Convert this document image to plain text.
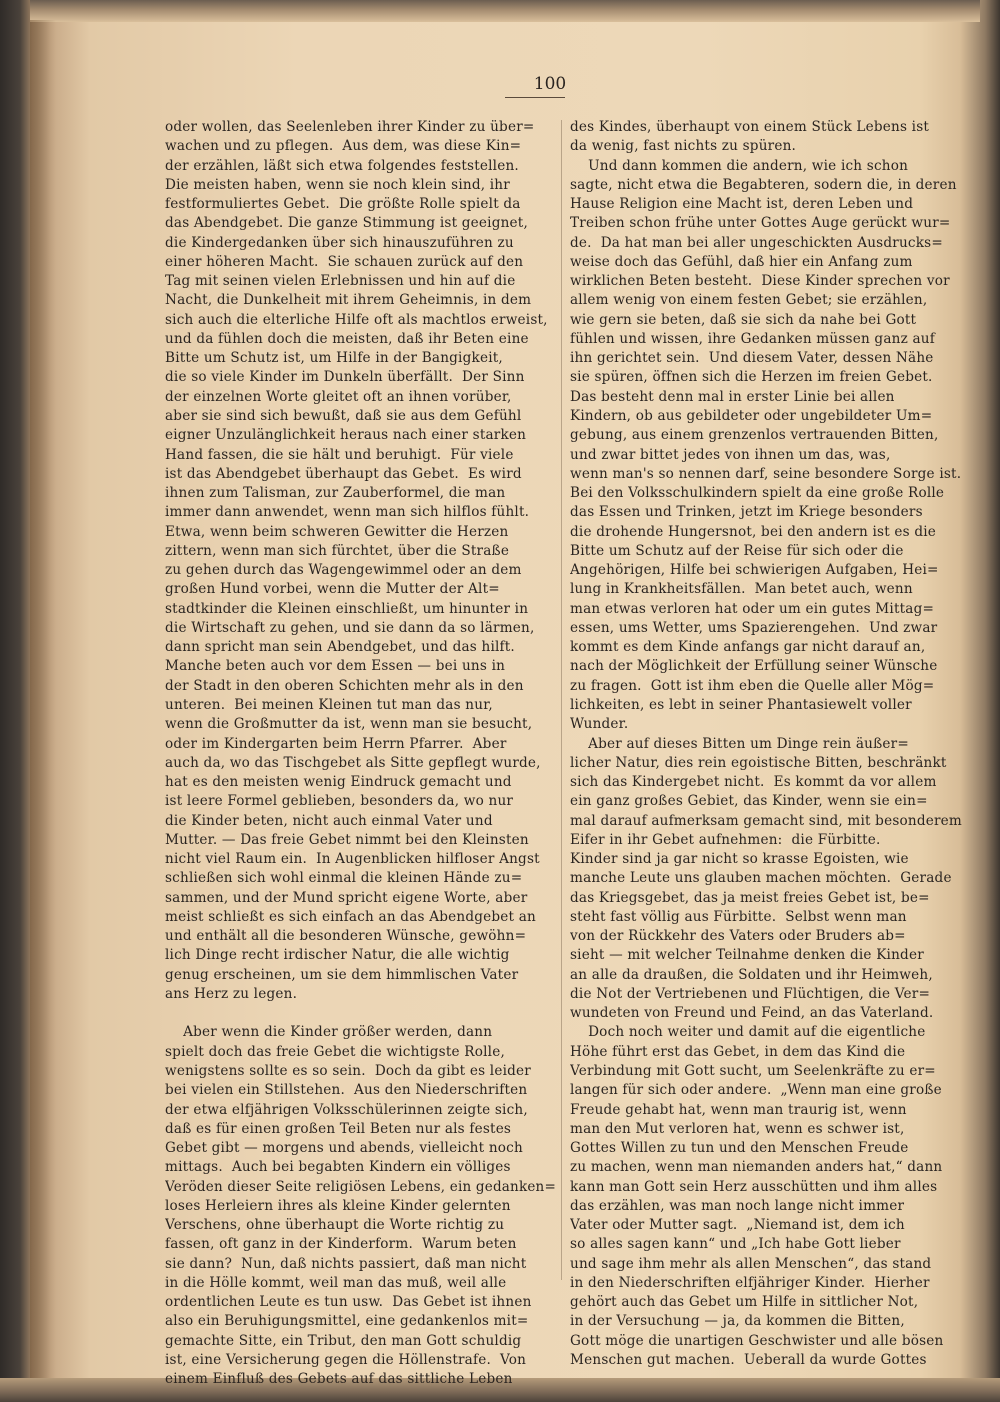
100
oder wollen, das Seelenleben ihrer Kinder zu über=
wachen und zu pflegen.  Aus dem, was diese Kin=
der erzählen, läßt sich etwa folgendes feststellen.
Die meisten haben, wenn sie noch klein sind, ihr
festformuliertes Gebet.  Die größte Rolle spielt da
das Abendgebet. Die ganze Stimmung ist geeignet,
die Kindergedanken über sich hinauszuführen zu
einer höheren Macht.  Sie schauen zurück auf den
Tag mit seinen vielen Erlebnissen und hin auf die
Nacht, die Dunkelheit mit ihrem Geheimnis, in dem
sich auch die elterliche Hilfe oft als machtlos erweist,
und da fühlen doch die meisten, daß ihr Beten eine
Bitte um Schutz ist, um Hilfe in der Bangigkeit,
die so viele Kinder im Dunkeln überfällt.  Der Sinn
der einzelnen Worte gleitet oft an ihnen vorüber,
aber sie sind sich bewußt, daß sie aus dem Gefühl
eigner Unzulänglichkeit heraus nach einer starken
Hand fassen, die sie hält und beruhigt.  Für viele
ist das Abendgebet überhaupt das Gebet.  Es wird
ihnen zum Talisman, zur Zauberformel, die man
immer dann anwendet, wenn man sich hilflos fühlt.
Etwa, wenn beim schweren Gewitter die Herzen
zittern, wenn man sich fürchtet, über die Straße
zu gehen durch das Wagengewimmel oder an dem
großen Hund vorbei, wenn die Mutter der Alt=
stadtkinder die Kleinen einschließt, um hinunter in
die Wirtschaft zu gehen, und sie dann da so lärmen,
dann spricht man sein Abendgebet, und das hilft.
Manche beten auch vor dem Essen — bei uns in
der Stadt in den oberen Schichten mehr als in den
unteren.  Bei meinen Kleinen tut man das nur,
wenn die Großmutter da ist, wenn man sie besucht,
oder im Kindergarten beim Herrn Pfarrer.  Aber
auch da, wo das Tischgebet als Sitte gepflegt wurde,
hat es den meisten wenig Eindruck gemacht und
ist leere Formel geblieben, besonders da, wo nur
die Kinder beten, nicht auch einmal Vater und
Mutter. — Das freie Gebet nimmt bei den Kleinsten
nicht viel Raum ein.  In Augenblicken hilfloser Angst
schließen sich wohl einmal die kleinen Hände zu=
sammen, und der Mund spricht eigene Worte, aber
meist schließt es sich einfach an das Abendgebet an
und enthält all die besonderen Wünsche, gewöhn=
lich Dinge recht irdischer Natur, die alle wichtig
genug erscheinen, um sie dem himmlischen Vater
ans Herz zu legen.
Aber wenn die Kinder größer werden, dann
spielt doch das freie Gebet die wichtigste Rolle,
wenigstens sollte es so sein.  Doch da gibt es leider
bei vielen ein Stillstehen.  Aus den Niederschriften
der etwa elfjährigen Volksschülerinnen zeigte sich,
daß es für einen großen Teil Beten nur als festes
Gebet gibt — morgens und abends, vielleicht noch
mittags.  Auch bei begabten Kindern ein völliges
Veröden dieser Seite religiösen Lebens, ein gedanken=
loses Herleiern ihres als kleine Kinder gelernten
Verschens, ohne überhaupt die Worte richtig zu
fassen, oft ganz in der Kinderform.  Warum beten
sie dann?  Nun, daß nichts passiert, daß man nicht
in die Hölle kommt, weil man das muß, weil alle
ordentlichen Leute es tun usw.  Das Gebet ist ihnen
also ein Beruhigungsmittel, eine gedankenlos mit=
gemachte Sitte, ein Tribut, den man Gott schuldig
ist, eine Versicherung gegen die Höllenstrafe.  Von
einem Einfluß des Gebets auf das sittliche Leben
des Kindes, überhaupt von einem Stück Lebens ist
da wenig, fast nichts zu spüren.
Und dann kommen die andern, wie ich schon
sagte, nicht etwa die Begabteren, sodern die, in deren
Hause Religion eine Macht ist, deren Leben und
Treiben schon frühe unter Gottes Auge gerückt wur=
de.  Da hat man bei aller ungeschickten Ausdrucks=
weise doch das Gefühl, daß hier ein Anfang zum
wirklichen Beten besteht.  Diese Kinder sprechen vor
allem wenig von einem festen Gebet; sie erzählen,
wie gern sie beten, daß sie sich da nahe bei Gott
fühlen und wissen, ihre Gedanken müssen ganz auf
ihn gerichtet sein.  Und diesem Vater, dessen Nähe
sie spüren, öffnen sich die Herzen im freien Gebet.
Das besteht denn mal in erster Linie bei allen
Kindern, ob aus gebildeter oder ungebildeter Um=
gebung, aus einem grenzenlos vertrauenden Bitten,
und zwar bittet jedes von ihnen um das, was,
wenn man's so nennen darf, seine besondere Sorge ist.
Bei den Volksschulkindern spielt da eine große Rolle
das Essen und Trinken, jetzt im Kriege besonders
die drohende Hungersnot, bei den andern ist es die
Bitte um Schutz auf der Reise für sich oder die
Angehörigen, Hilfe bei schwierigen Aufgaben, Hei=
lung in Krankheitsfällen.  Man betet auch, wenn
man etwas verloren hat oder um ein gutes Mittag=
essen, ums Wetter, ums Spazierengehen.  Und zwar
kommt es dem Kinde anfangs gar nicht darauf an,
nach der Möglichkeit der Erfüllung seiner Wünsche
zu fragen.  Gott ist ihm eben die Quelle aller Mög=
lichkeiten, es lebt in seiner Phantasiewelt voller
Wunder.
Aber auf dieses Bitten um Dinge rein äußer=
licher Natur, dies rein egoistische Bitten, beschränkt
sich das Kindergebet nicht.  Es kommt da vor allem
ein ganz großes Gebiet, das Kinder, wenn sie ein=
mal darauf aufmerksam gemacht sind, mit besonderem
Eifer in ihr Gebet aufnehmen:  die Fürbitte.
Kinder sind ja gar nicht so krasse Egoisten, wie
manche Leute uns glauben machen möchten.  Gerade
das Kriegsgebet, das ja meist freies Gebet ist, be=
steht fast völlig aus Fürbitte.  Selbst wenn man
von der Rückkehr des Vaters oder Bruders ab=
sieht — mit welcher Teilnahme denken die Kinder
an alle da draußen, die Soldaten und ihr Heimweh,
die Not der Vertriebenen und Flüchtigen, die Ver=
wundeten von Freund und Feind, an das Vaterland.
Doch noch weiter und damit auf die eigentliche
Höhe führt erst das Gebet, in dem das Kind die
Verbindung mit Gott sucht, um Seelenkräfte zu er=
langen für sich oder andere.  „Wenn man eine große
Freude gehabt hat, wenn man traurig ist, wenn
man den Mut verloren hat, wenn es schwer ist,
Gottes Willen zu tun und den Menschen Freude
zu machen, wenn man niemanden anders hat,“ dann
kann man Gott sein Herz ausschütten und ihm alles
das erzählen, was man noch lange nicht immer
Vater oder Mutter sagt.  „Niemand ist, dem ich
so alles sagen kann“ und „Ich habe Gott lieber
und sage ihm mehr als allen Menschen“, das stand
in den Niederschriften elfjähriger Kinder.  Hierher
gehört auch das Gebet um Hilfe in sittlicher Not,
in der Versuchung — ja, da kommen die Bitten,
Gott möge die unartigen Geschwister und alle bösen
Menschen gut machen.  Ueberall da wurde Gottes
